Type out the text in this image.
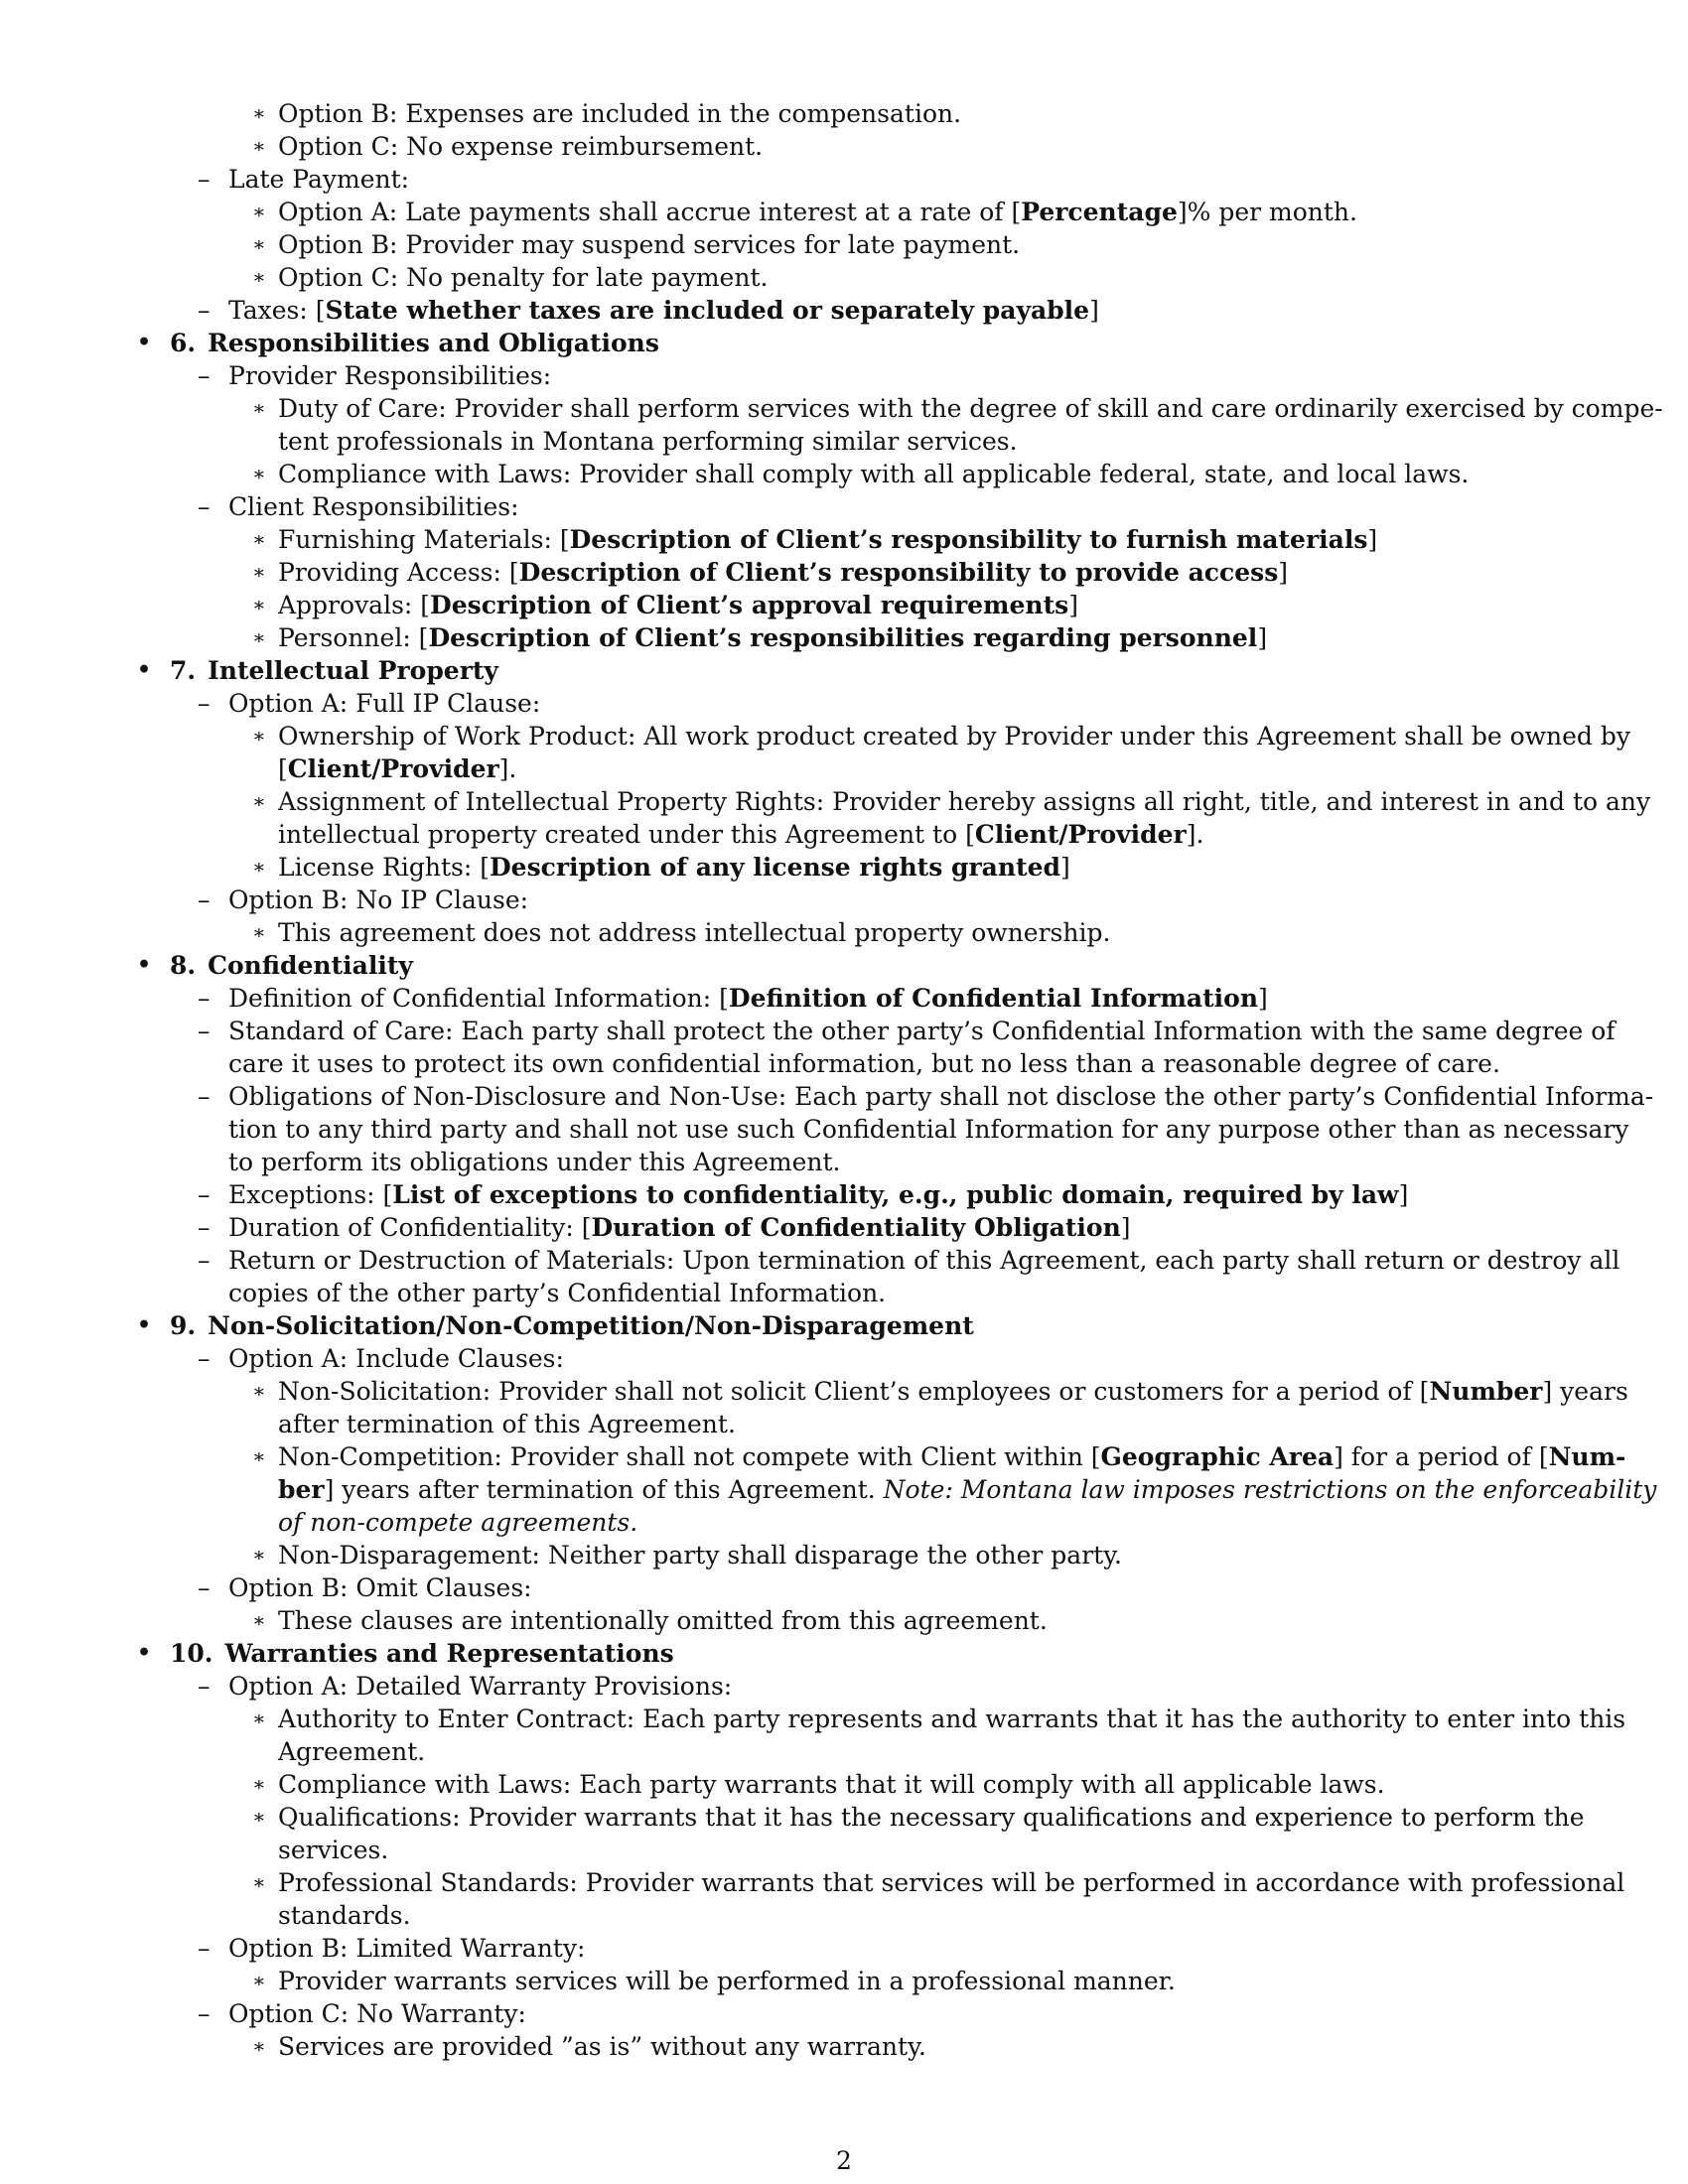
∗ Option B: Expenses are included in the compensation.
∗ Option C: No expense reimbursement.
– Late Payment:
∗ Option A: Late payments shall accrue interest at a rate of [Percentage]% per month.
∗ Option B: Provider may suspend services for late payment.
∗ Option C: No penalty for late payment.
– Taxes: [State whether taxes are included or separately payable]
• 6. Responsibilities and Obligations
– Provider Responsibilities:
∗ Duty of Care: Provider shall perform services with the degree of skill and care ordinarily exercised by compe-
tent professionals in Montana performing similar services.
∗ Compliance with Laws: Provider shall comply with all applicable federal, state, and local laws.
– Client Responsibilities:
∗ Furnishing Materials: [Description of Client’s responsibility to furnish materials]
∗ Providing Access: [Description of Client’s responsibility to provide access]
∗ Approvals: [Description of Client’s approval requirements]
∗ Personnel: [Description of Client’s responsibilities regarding personnel]
• 7. Intellectual Property
– Option A: Full IP Clause:
∗ Ownership of Work Product: All work product created by Provider under this Agreement shall be owned by
[Client/Provider].
∗ Assignment of Intellectual Property Rights: Provider hereby assigns all right, title, and interest in and to any
intellectual property created under this Agreement to [Client/Provider].
∗ License Rights: [Description of any license rights granted]
– Option B: No IP Clause:
∗ This agreement does not address intellectual property ownership.
• 8. Confidentiality
– Definition of Confidential Information: [Definition of Confidential Information]
– Standard of Care: Each party shall protect the other party’s Confidential Information with the same degree of
care it uses to protect its own confidential information, but no less than a reasonable degree of care.
– Obligations of Non-Disclosure and Non-Use: Each party shall not disclose the other party’s Confidential Informa-
tion to any third party and shall not use such Confidential Information for any purpose other than as necessary
to perform its obligations under this Agreement.
– Exceptions: [List of exceptions to confidentiality, e.g., public domain, required by law]
– Duration of Confidentiality: [Duration of Confidentiality Obligation]
– Return or Destruction of Materials: Upon termination of this Agreement, each party shall return or destroy all
copies of the other party’s Confidential Information.
• 9. Non-Solicitation/Non-Competition/Non-Disparagement
– Option A: Include Clauses:
∗ Non-Solicitation: Provider shall not solicit Client’s employees or customers for a period of [Number] years
after termination of this Agreement.
∗ Non-Competition: Provider shall not compete with Client within [Geographic Area] for a period of [Num-
ber] years after termination of this Agreement. Note: Montana law imposes restrictions on the enforceability
of non-compete agreements.
∗ Non-Disparagement: Neither party shall disparage the other party.
– Option B: Omit Clauses:
∗ These clauses are intentionally omitted from this agreement.
• 10. Warranties and Representations
– Option A: Detailed Warranty Provisions:
∗ Authority to Enter Contract: Each party represents and warrants that it has the authority to enter into this
Agreement.
∗ Compliance with Laws: Each party warrants that it will comply with all applicable laws.
∗ Qualifications: Provider warrants that it has the necessary qualifications and experience to perform the
services.
∗ Professional Standards: Provider warrants that services will be performed in accordance with professional
standards.
– Option B: Limited Warranty:
∗ Provider warrants services will be performed in a professional manner.
– Option C: No Warranty:
∗ Services are provided ”as is” without any warranty.
2
